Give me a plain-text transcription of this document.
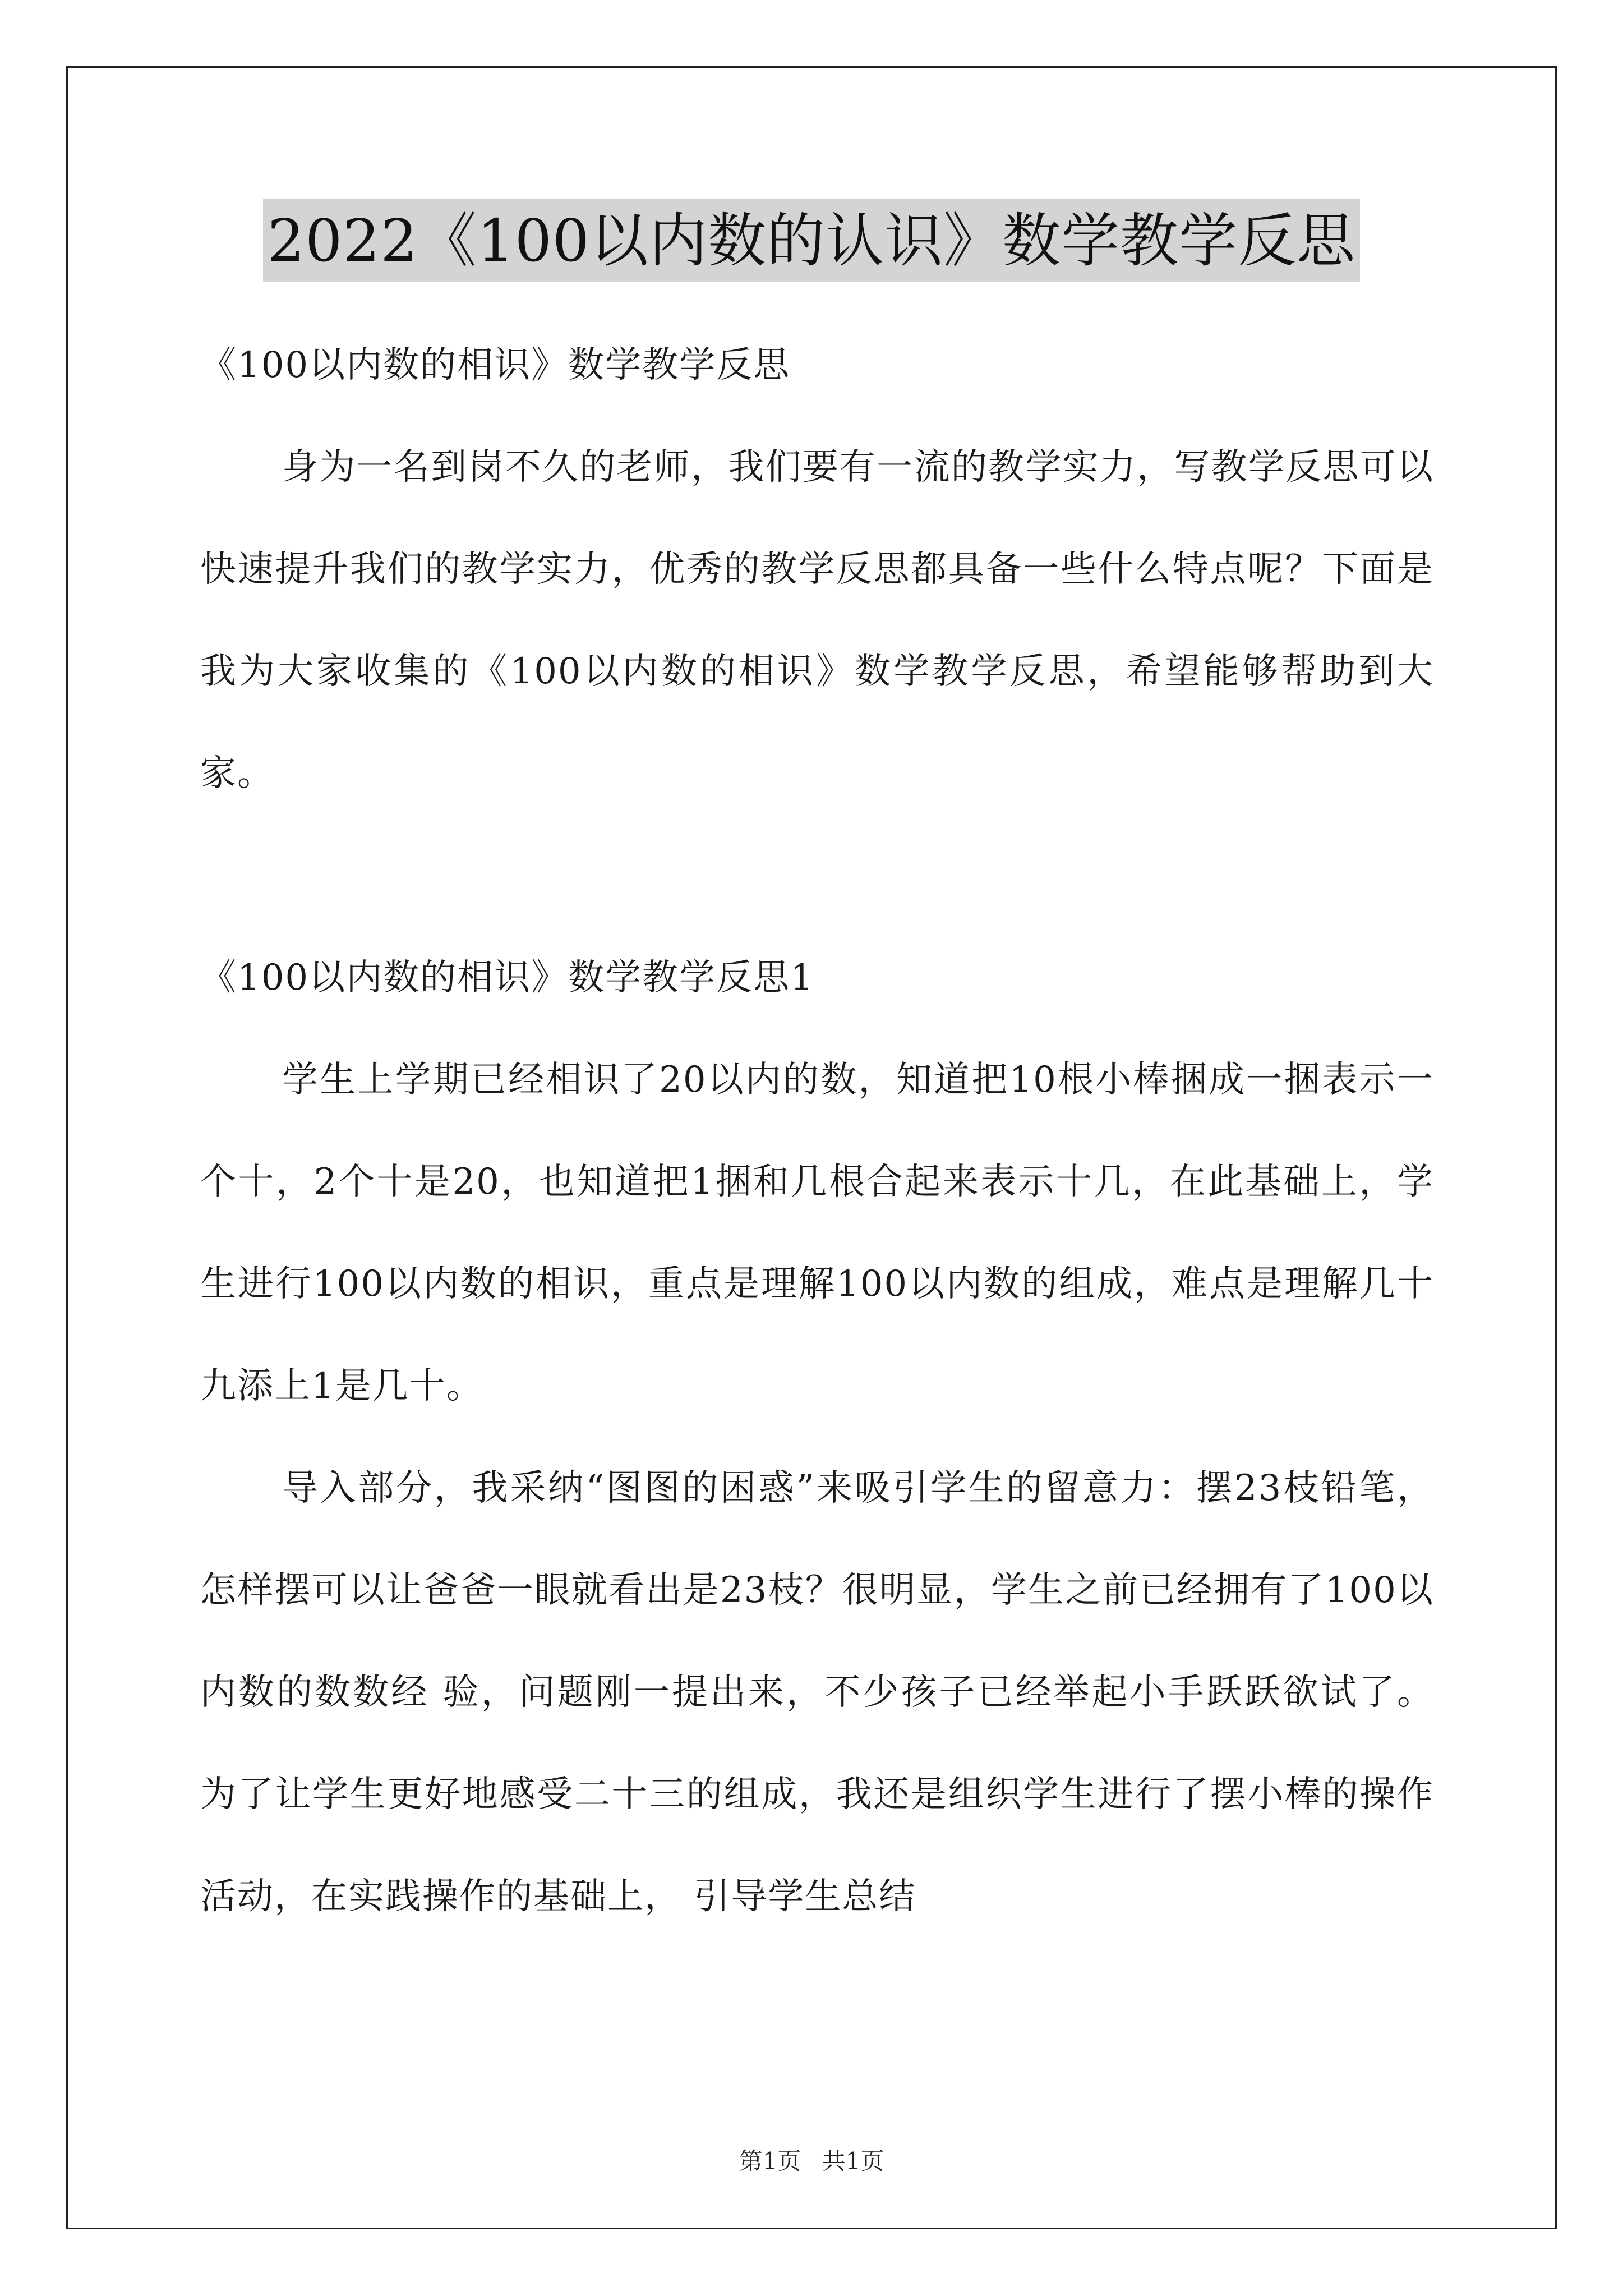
2022《100以内数的认识》数学教学反思

《100以内数的相识》数学教学反思

身为一名到岗不久的老师，我们要有一流的教学实力，写教学反思可以快速提升我们的教学实力，优秀的教学反思都具备一些什么特点呢？下面是我为大家收集的《100以内数的相识》数学教学反思，希望能够帮助到大家。

《100以内数的相识》数学教学反思1

学生上学期已经相识了20以内的数，知道把10根小棒捆成一捆表示一个十，2个十是20，也知道把1捆和几根合起来表示十几，在此基础上，学生进行100以内数的相识，重点是理解100以内数的组成，难点是理解几十九添上1是几十。

导入部分，我采纳“图图的困惑”来吸引学生的留意力：摆23枝铅笔，怎样摆可以让爸爸一眼就看出是23枝？很明显，学生之前已经拥有了100以内数的数数经 验，问题刚一提出来，不少孩子已经举起小手跃跃欲试了。 为了让学生更好地感受二十三的组成，我还是组织学生进行了摆小棒的操作活动，在实践操作的基础上， 引导学生总结

第1页 共1页
